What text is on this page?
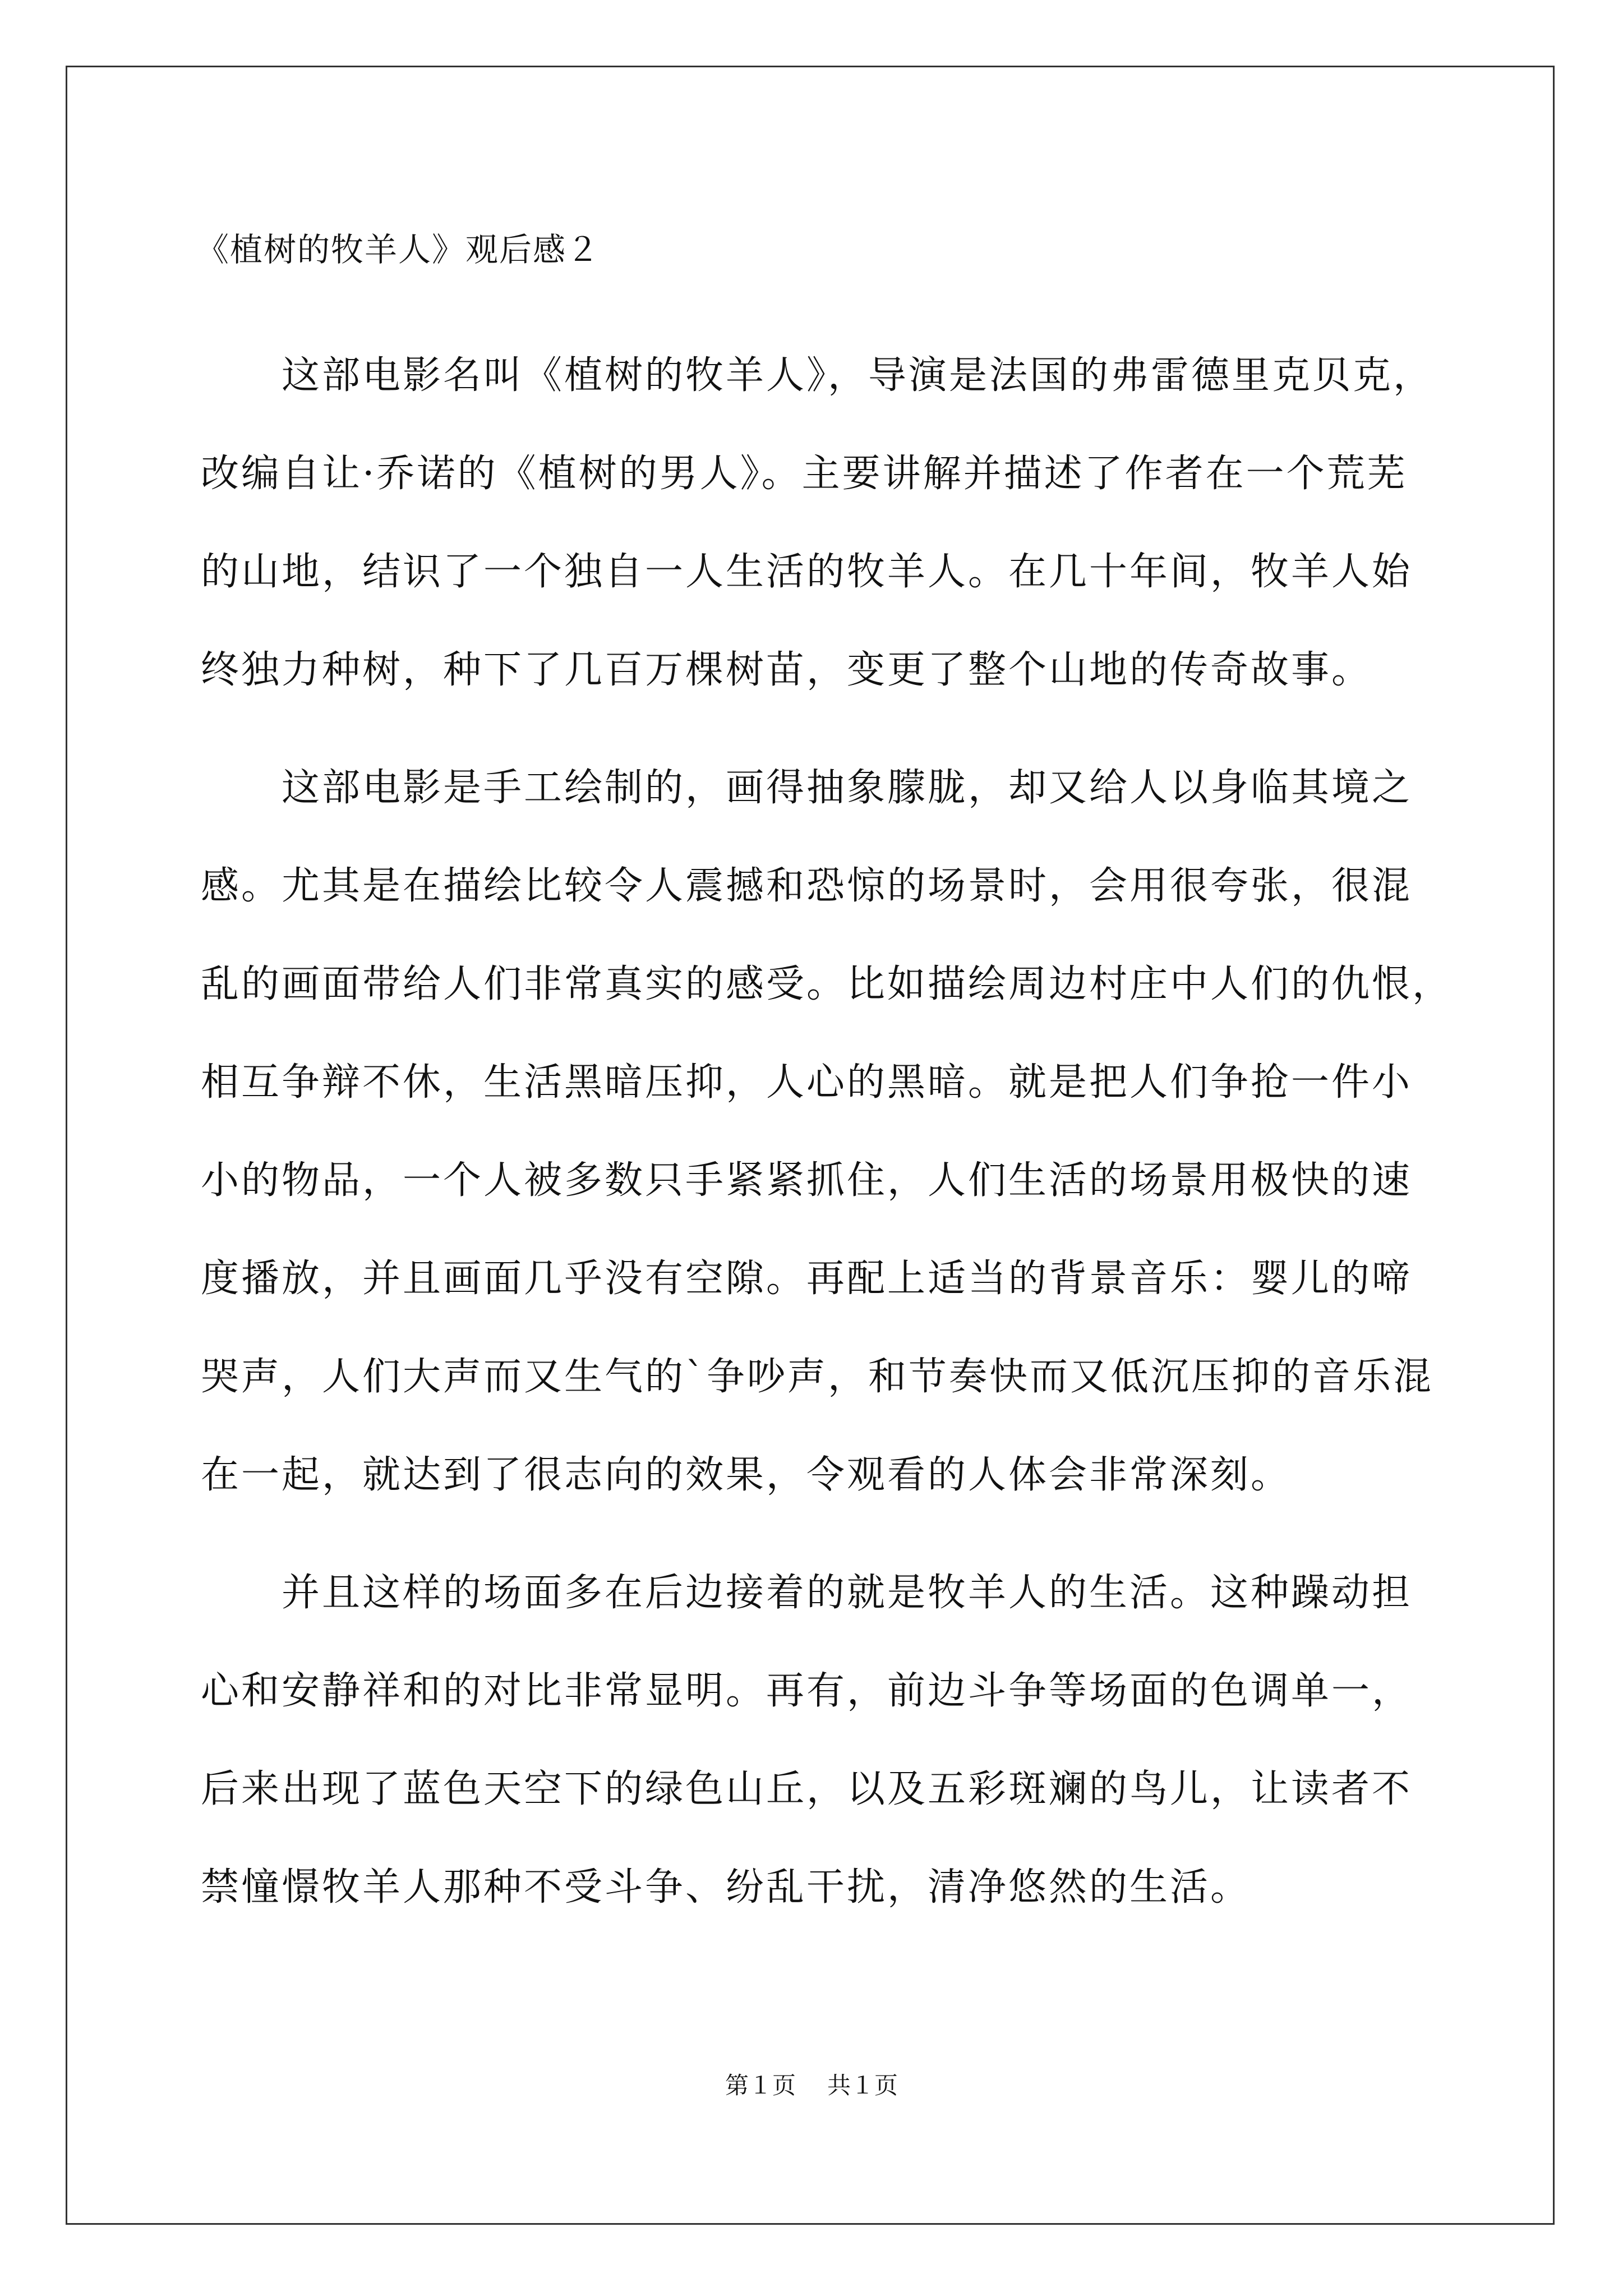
《植树的牧羊人》观后感２
　　这部电影名叫《植树的牧羊人》，导演是法国的弗雷德里克贝克，
改编自让·乔诺的《植树的男人》。主要讲解并描述了作者在一个荒芜
的山地，结识了一个独自一人生活的牧羊人。在几十年间，牧羊人始
终独力种树，种下了几百万棵树苗，变更了整个山地的传奇故事。
　　这部电影是手工绘制的，画得抽象朦胧，却又给人以身临其境之
感。尤其是在描绘比较令人震撼和恐惊的场景时，会用很夸张，很混
乱的画面带给人们非常真实的感受。比如描绘周边村庄中人们的仇恨，
相互争辩不休，生活黑暗压抑，人心的黑暗。就是把人们争抢一件小
小的物品，一个人被多数只手紧紧抓住，人们生活的场景用极快的速
度播放，并且画面几乎没有空隙。再配上适当的背景音乐：婴儿的啼
哭声，人们大声而又生气的`争吵声，和节奏快而又低沉压抑的音乐混
在一起，就达到了很志向的效果，令观看的人体会非常深刻。
　　并且这样的场面多在后边接着的就是牧羊人的生活。这种躁动担
心和安静祥和的对比非常显明。再有，前边斗争等场面的色调单一，
后来出现了蓝色天空下的绿色山丘，以及五彩斑斓的鸟儿，让读者不
禁憧憬牧羊人那种不受斗争、纷乱干扰，清净悠然的生活。
第１页 共１页
